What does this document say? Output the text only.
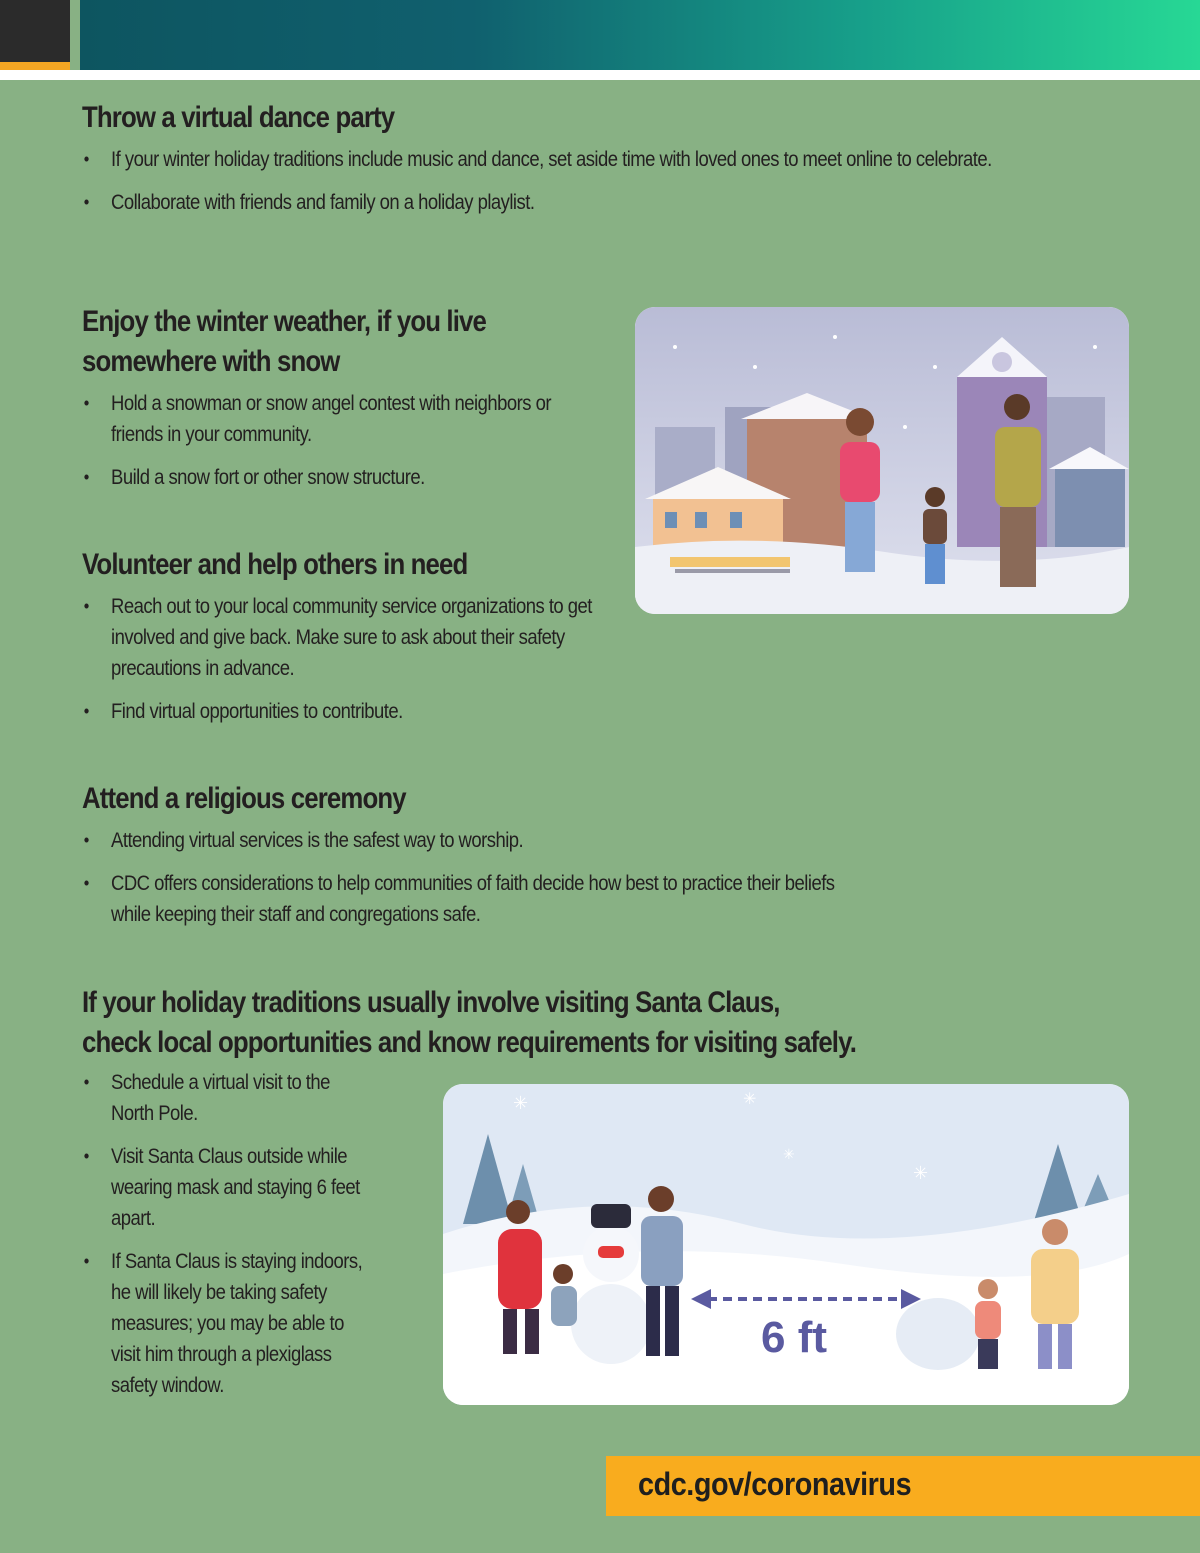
Throw a virtual dance party
• If your winter holiday traditions include music and dance, set aside time with loved ones to meet online to celebrate.
• Collaborate with friends and family on a holiday playlist.
Enjoy the winter weather, if you live
somewhere with snow
• Hold a snowman or snow angel contest with neighbors or friends in your community.
• Build a snow fort or other snow structure.
Volunteer and help others in need
• Reach out to your local community service organizations to get involved and give back. Make sure to ask about their safety precautions in advance.
• Find virtual opportunities to contribute.
Attend a religious ceremony
• Attending virtual services is the safest way to worship.
• CDC offers considerations to help communities of faith decide how best to practice their beliefs while keeping their staff and congregations safe.
If your holiday traditions usually involve visiting Santa Claus,
check local opportunities and know requirements for visiting safely.
• Schedule a virtual visit to the North Pole.
• Visit Santa Claus outside while wearing mask and staying 6 feet apart.
• If Santa Claus is staying indoors, he will likely be taking safety measures; you may be able to visit him through a plexiglass safety window.
6 ft
✳	✳
✳
✳
cdc.gov/coronavirus
